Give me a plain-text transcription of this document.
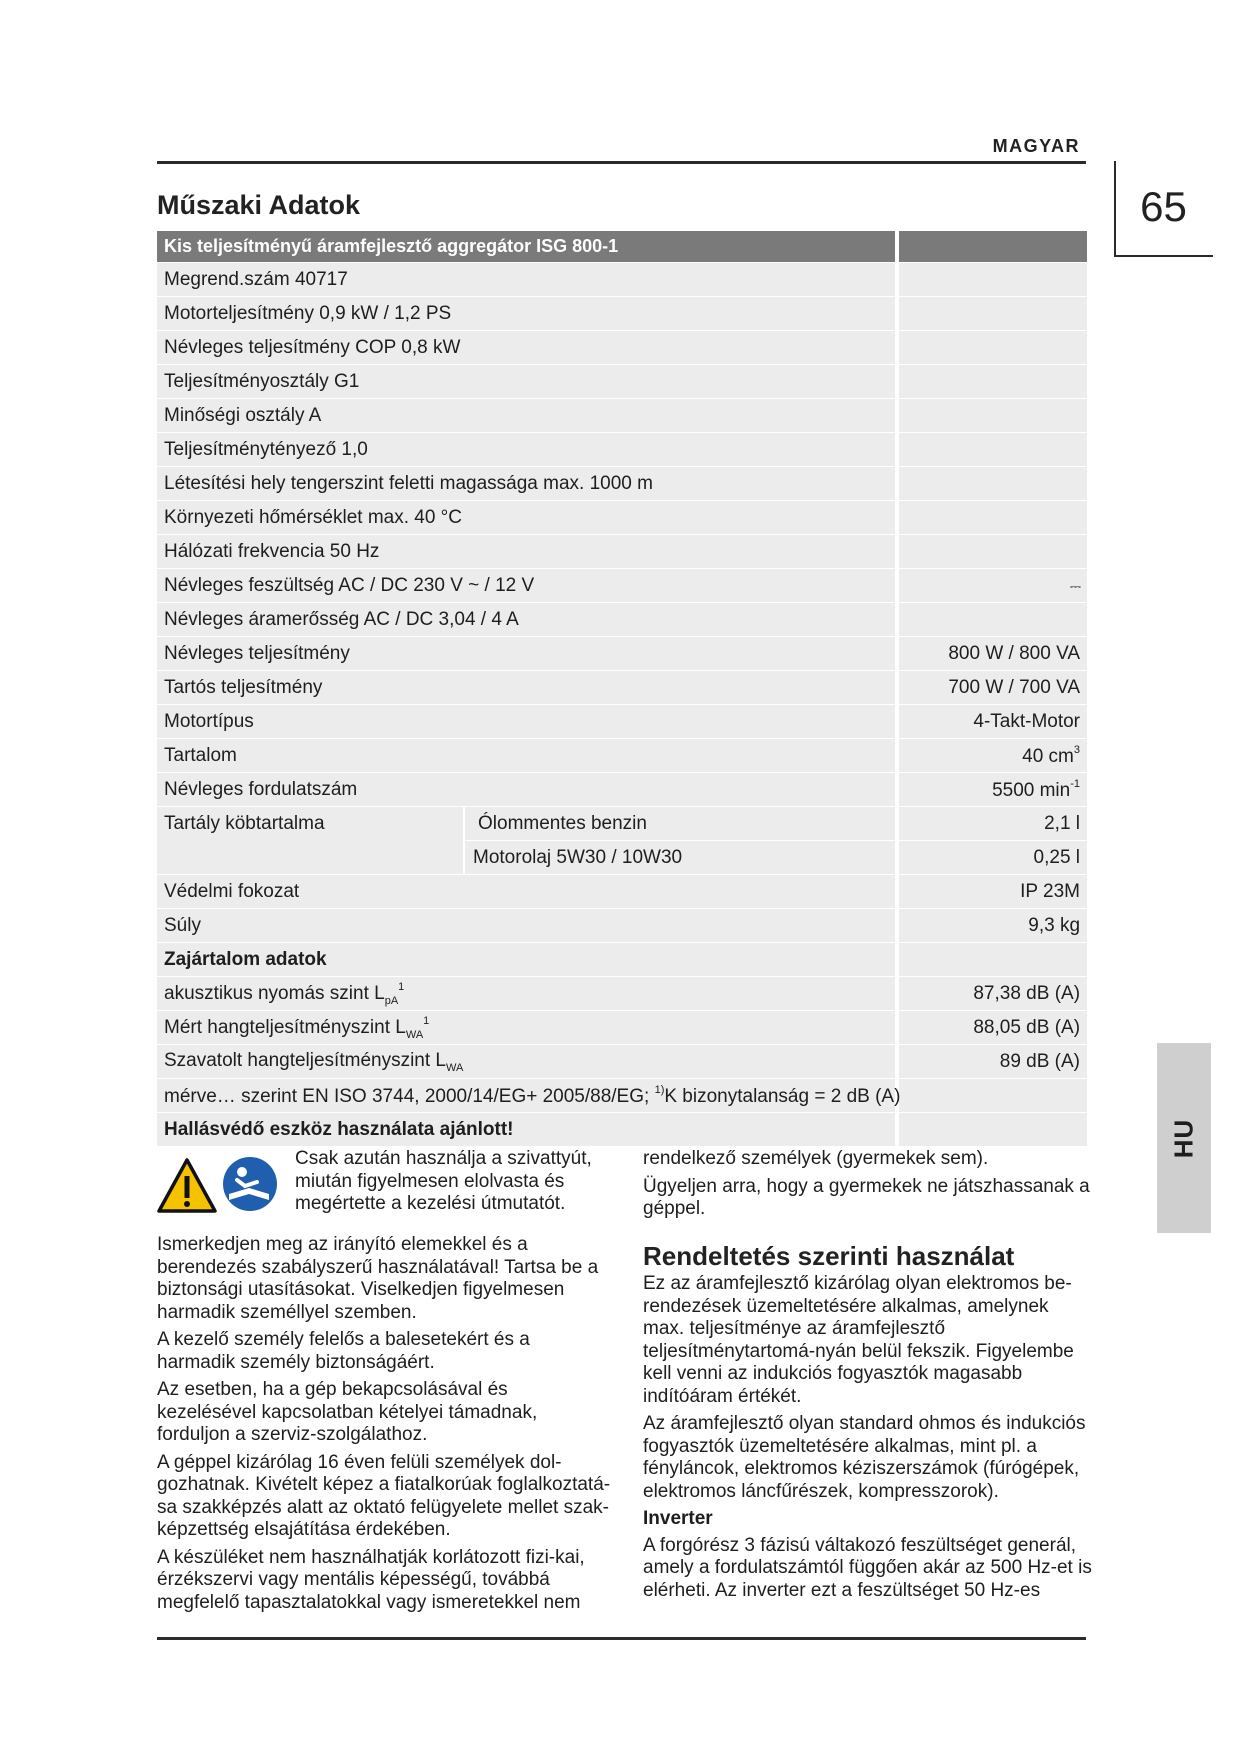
MAGYAR
65
Műszaki Adatok
Kis teljesítményű áramfejlesztő aggregátor ISG 800-1		
Megrend.szám 40717		
Motorteljesítmény 0,9 kW / 1,2 PS		
Névleges teljesítmény COP 0,8 kW		
Teljesítményosztály G1		
Minőségi osztály A		
Teljesítménytényező 1,0		
Létesítési hely tengerszint feletti magassága max. 1000 m		
Környezeti hőmérséklet max. 40 °C		
Hálózati frekvencia 50 Hz		
Névleges feszültség AC / DC 230 V ~ / 12 V		⎓
Névleges áramerősség AC / DC 3,04 / 4 A		
Névleges teljesítmény		800 W / 800 VA
Tartós teljesítmény		700 W / 700 VA
Motortípus		4-Takt-Motor
Tartalom		40 $cm^3$
Névleges fordulatszám		5500 $\min^{-1}$
Tartály köbtartalma	Ólommentes benzin	2,1 l
	Motorolaj 5W30 / 10W30	0,25 l
Védelmi fokozat		IP 23M
Súly		9,3 kg
Zajártalom adatok		
akusztikus nyomás szint $L_{pA}^1$		87,38 dB (A)
Mért hangteljesítményszint $L_{WA}^1$		88,05 dB (A)
Szavatolt hangteljesítményszint $L_{WA}$		89 dB (A)
mérve… szerint EN ISO 3744, 2000/14/EG+ 2005/88/EG; $^{1)}$K bizonytalanság = 2 dB (A)		
Hallásvédő eszköz használata ajánlott!		
Csak azután használja a szivattyút, miután figyelmesen elolvasta és megértette a kezelési útmutatót.

Ismerkedjen meg az irányító elemekkel és a berendezés szabályszerű használatával! Tartsa be a biztonsági utasításokat. Viselkedjen figyelmesen harmadik személlyel szemben.

A kezelő személy felelős a balesetekért és a harmadik személy biztonságáért.

Az esetben, ha a gép bekapcsolásával és kezelésével kapcsolatban kételyei támadnak, forduljon a szerviz-szolgálathoz.

A géppel kizárólag 16 éven felüli személyek dol-gozhatnak. Kivételt képez a fiatalkorúak foglalkoztatá-sa szakképzés alatt az oktató felügyelete mellet szak-képzettség elsajátítása érdekében.

A készüléket nem használhatják korlátozott fizi-kai, érzékszervi vagy mentális képességű, továbbá megfelelő tapasztalatokkal vagy ismeretekkel nem

rendelkező személyek (gyermekek sem).

Ügyeljen arra, hogy a gyermekek ne játszhassanak a géppel.

Rendeltetés szerinti használat

Ez az áramfejlesztő kizárólag olyan elektromos be-rendezések üzemeltetésére alkalmas, amelynek max. teljesítménye az áramfejlesztő teljesítménytartomá-nyán belül fekszik. Figyelembe kell venni az indukciós fogyasztók magasabb indítóáram értékét.

Az áramfejlesztő olyan standard ohmos és indukciós fogyasztók üzemeltetésére alkalmas, mint pl. a fényláncok, elektromos kéziszerszámok (fúrógépek, elektromos láncfűrészek, kompresszorok).

Inverter

A forgórész 3 fázisú váltakozó feszültséget generál, amely a fordulatszámtól függően akár az 500 Hz-et is elérheti. Az inverter ezt a feszültséget 50 Hz-es

HU
